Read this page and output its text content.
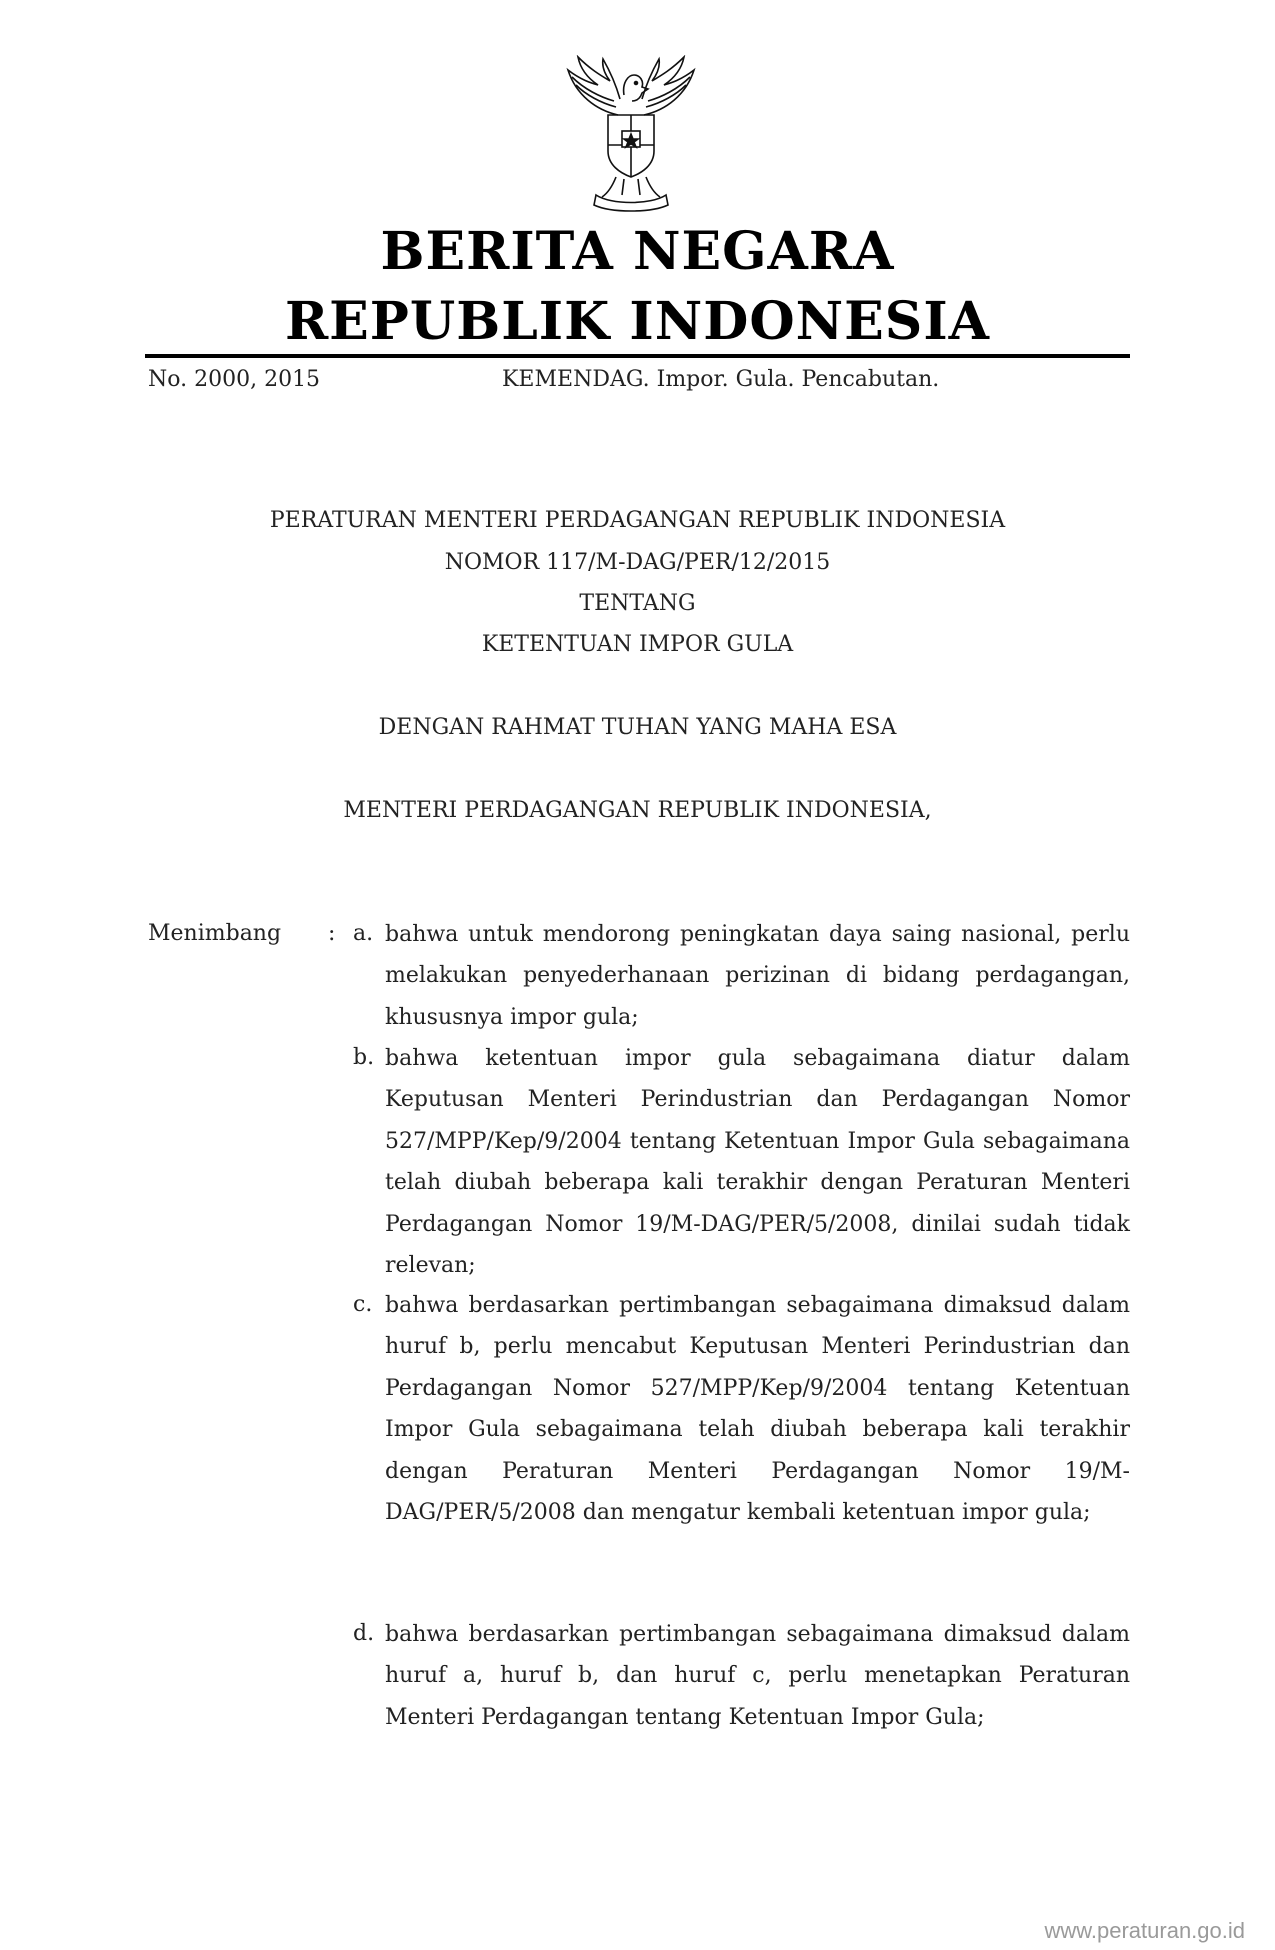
BERITA NEGARA
REPUBLIK INDONESIA
No. 2000, 2015	KEMENDAG. Impor. Gula. Pencabutan.
PERATURAN MENTERI PERDAGANGAN REPUBLIK INDONESIA
NOMOR 117/M-DAG/PER/12/2015
TENTANG
KETENTUAN IMPOR GULA
DENGAN RAHMAT TUHAN YANG MAHA ESA
MENTERI PERDAGANGAN REPUBLIK INDONESIA,
Menimbang : a. bahwa untuk mendorong peningkatan daya saing nasional, perlu melakukan penyederhanaan perizinan di bidang perdagangan, khususnya impor gula;

b. bahwa ketentuan impor gula sebagaimana diatur dalam Keputusan Menteri Perindustrian dan Perdagangan Nomor 527/MPP/Kep/9/2004 tentang Ketentuan Impor Gula sebagaimana telah diubah beberapa kali terakhir dengan Peraturan Menteri Perdagangan Nomor 19/M-DAG/PER/5/2008, dinilai sudah tidak relevan;

c. bahwa berdasarkan pertimbangan sebagaimana dimaksud dalam huruf b, perlu mencabut Keputusan Menteri Perindustrian dan Perdagangan Nomor 527/MPP/Kep/9/2004 tentang Ketentuan Impor Gula sebagaimana telah diubah beberapa kali terakhir dengan Peraturan Menteri Perdagangan Nomor 19/M-DAG/PER/5/2008 dan mengatur kembali ketentuan impor gula;

d. bahwa berdasarkan pertimbangan sebagaimana dimaksud dalam huruf a, huruf b, dan huruf c, perlu menetapkan Peraturan Menteri Perdagangan tentang Ketentuan Impor Gula;

www.peraturan.go.id
